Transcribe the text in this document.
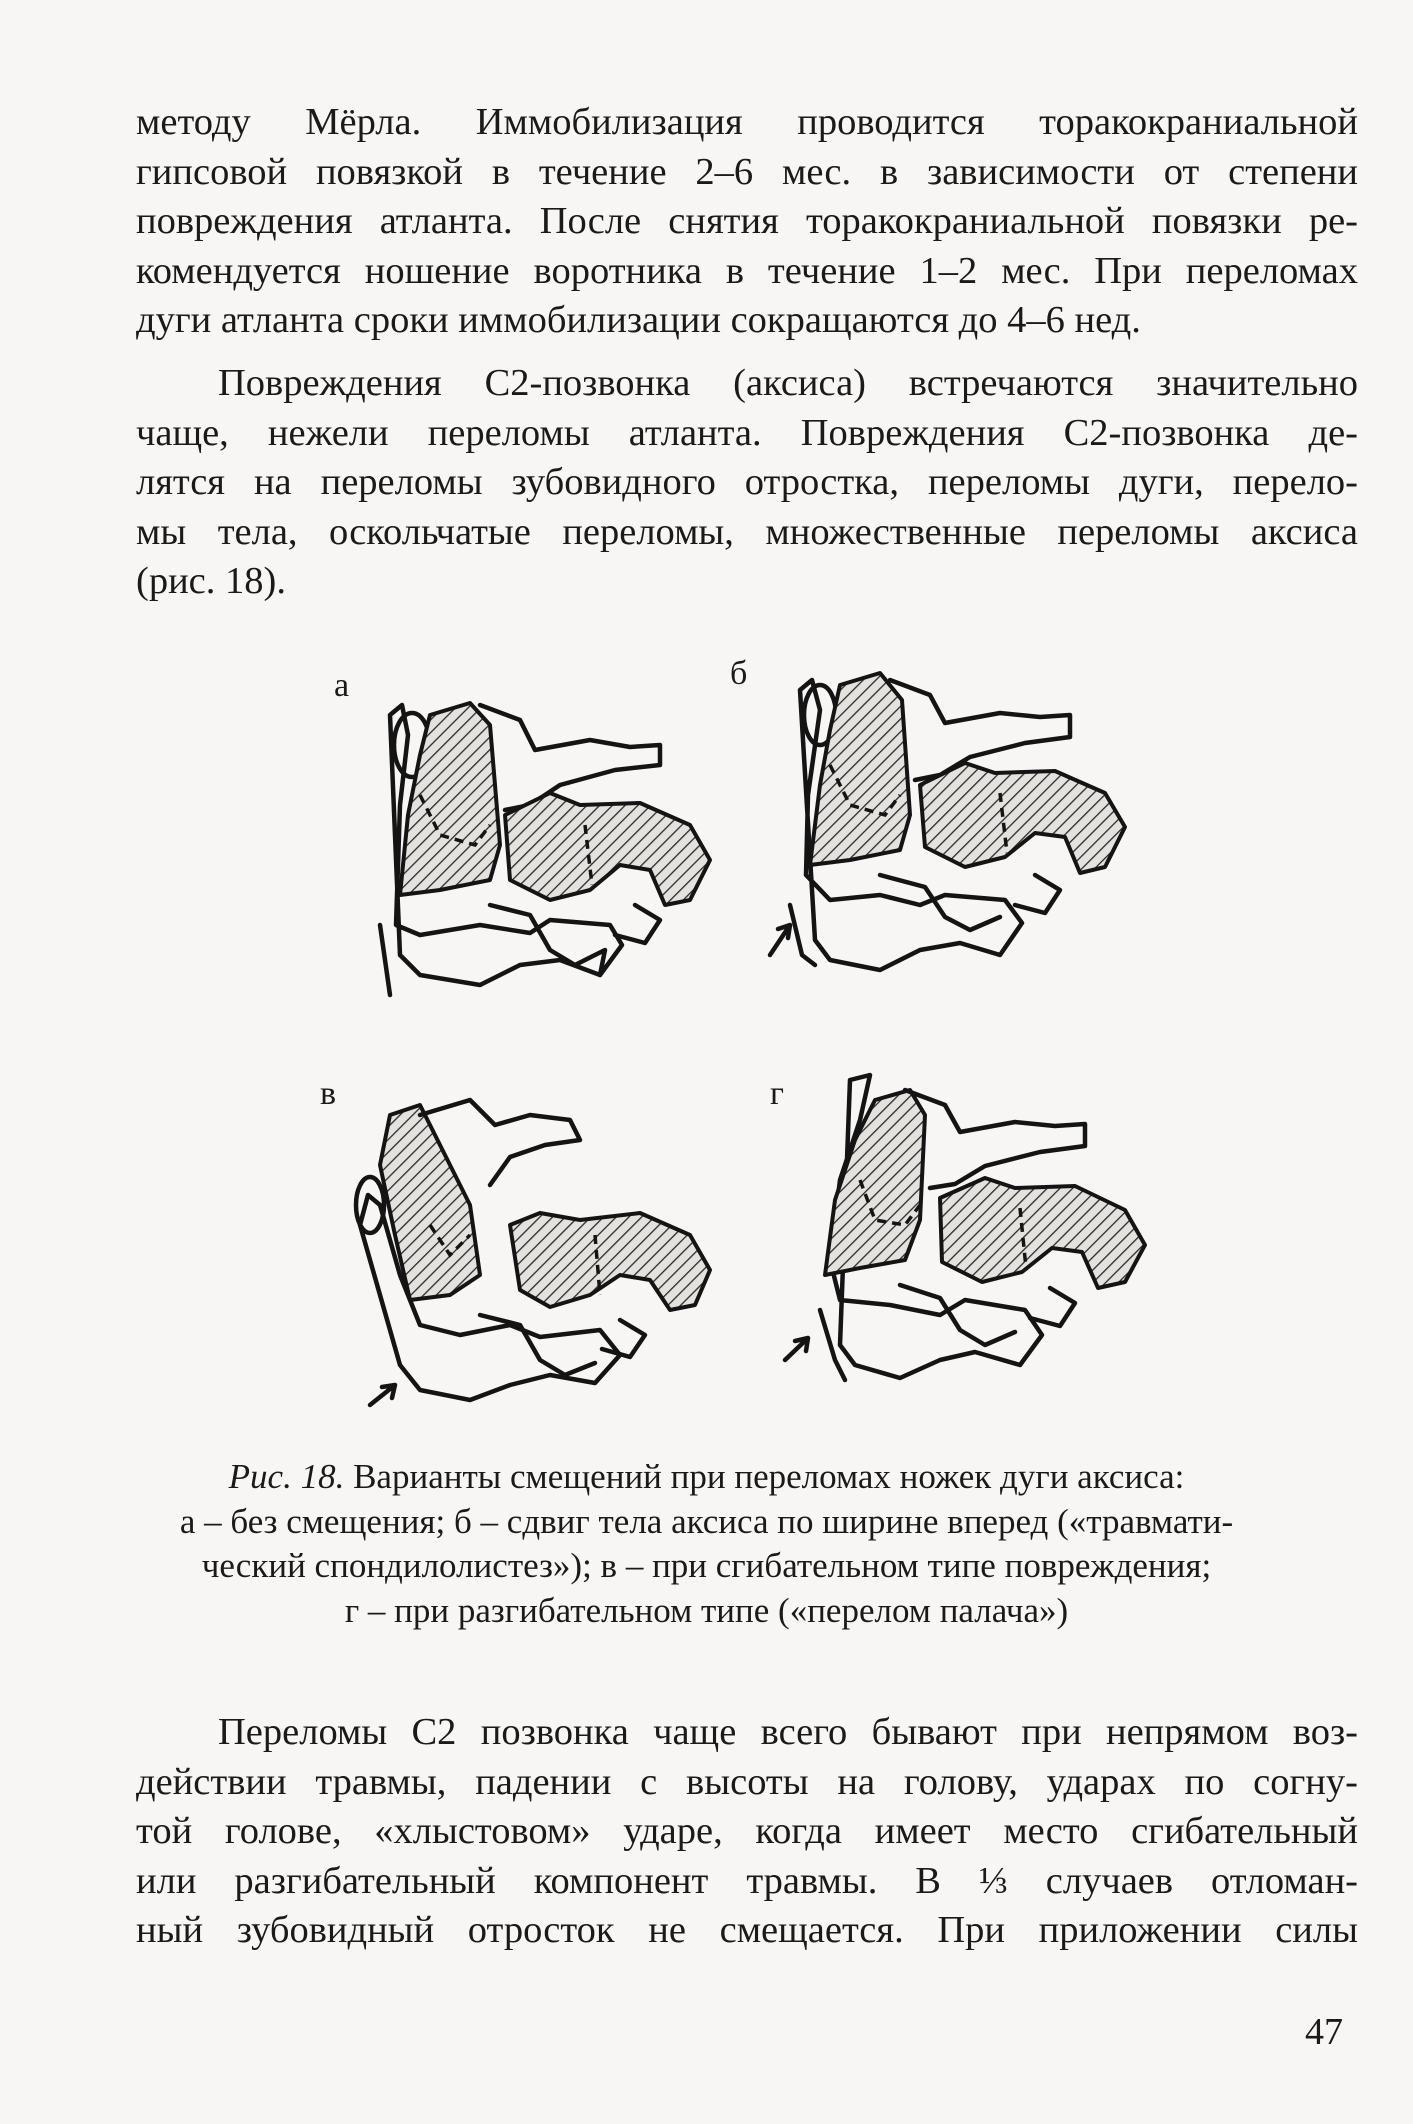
методу Мёрла. Иммобилизация проводится торакокраниальной
гипсовой повязкой в течение 2–6 мес. в зависимости от степени
повреждения атланта. После снятия торакокраниальной повязки ре-
комендуется ношение воротника в течение 1–2 мес. При переломах
дуги атланта сроки иммобилизации сокращаются до 4–6 нед.

Повреждения С2-позвонка (аксиса) встречаются значительно
чаще, нежели переломы атланта. Повреждения С2-позвонка де-
лятся на переломы зубовидного отростка, переломы дуги, перело-
мы тела, оскольчатые переломы, множественные переломы аксиса
(рис. 18).

а	б
в	г
Рис. 18. Варианты смещений при переломах ножек дуги аксиса:
а – без смещения; б – сдвиг тела аксиса по ширине вперед («травмати-
ческий спондилолистез»); в – при сгибательном типе повреждения;
г – при разгибательном типе («перелом палача»)

Переломы С2 позвонка чаще всего бывают при непрямом воз-
действии травмы, падении с высоты на голову, ударах по согну-
той голове, «хлыстовом» ударе, когда имеет место сгибательный
или разгибательный компонент травмы. В ⅓ случаев отломан-
ный зубовидный отросток не смещается. При приложении силы

47
